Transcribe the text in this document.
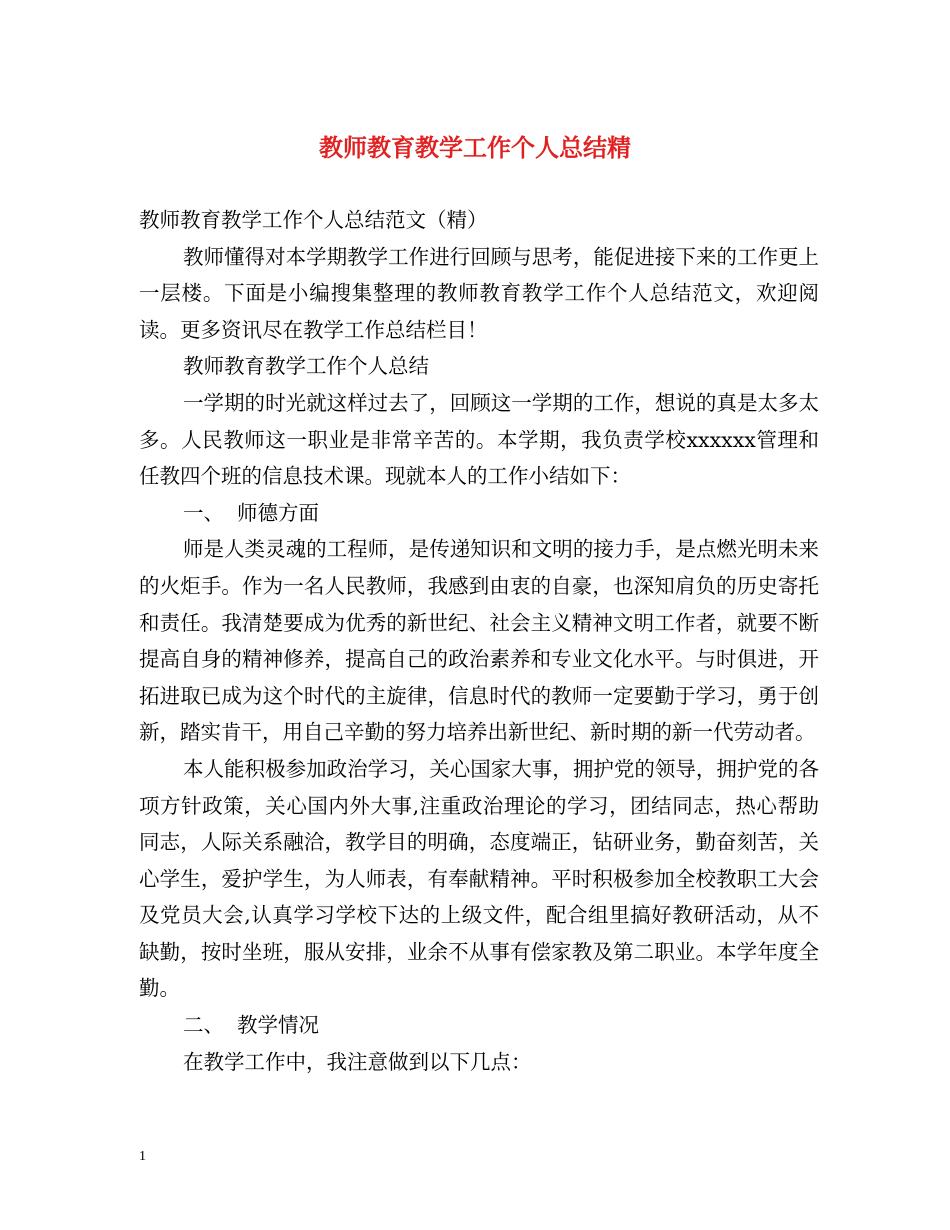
教师教育教学工作个人总结精

教师教育教学工作个人总结范文（精）

教师懂得对本学期教学工作进行回顾与思考，能促进接下来的工作更上一层楼。下面是小编搜集整理的教师教育教学工作个人总结范文，欢迎阅读。更多资讯尽在教学工作总结栏目！

教师教育教学工作个人总结

一学期的时光就这样过去了，回顾这一学期的工作，想说的真是太多太多。人民教师这一职业是非常辛苦的。本学期，我负责学校xxxxxx管理和任教四个班的信息技术课。现就本人的工作小结如下：

一、  师德方面

师是人类灵魂的工程师，是传递知识和文明的接力手，是点燃光明未来的火炬手。作为一名人民教师，我感到由衷的自豪，也深知肩负的历史寄托和责任。我清楚要成为优秀的新世纪、社会主义精神文明工作者，就要不断提高自身的精神修养，提高自己的政治素养和专业文化水平。与时俱进，开拓进取已成为这个时代的主旋律，信息时代的教师一定要勤于学习，勇于创新，踏实肯干，用自己辛勤的努力培养出新世纪、新时期的新一代劳动者。

本人能积极参加政治学习，关心国家大事，拥护党的领导，拥护党的各项方针政策，关心国内外大事,注重政治理论的学习，团结同志，热心帮助同志，人际关系融洽，教学目的明确，态度端正，钻研业务，勤奋刻苦，关心学生，爱护学生，为人师表，有奉献精神。平时积极参加全校教职工大会及党员大会,认真学习学校下达的上级文件，配合组里搞好教研活动，从不缺勤，按时坐班，服从安排，业余不从事有偿家教及第二职业。本学年度全勤。

二、  教学情况

在教学工作中，我注意做到以下几点：

1
